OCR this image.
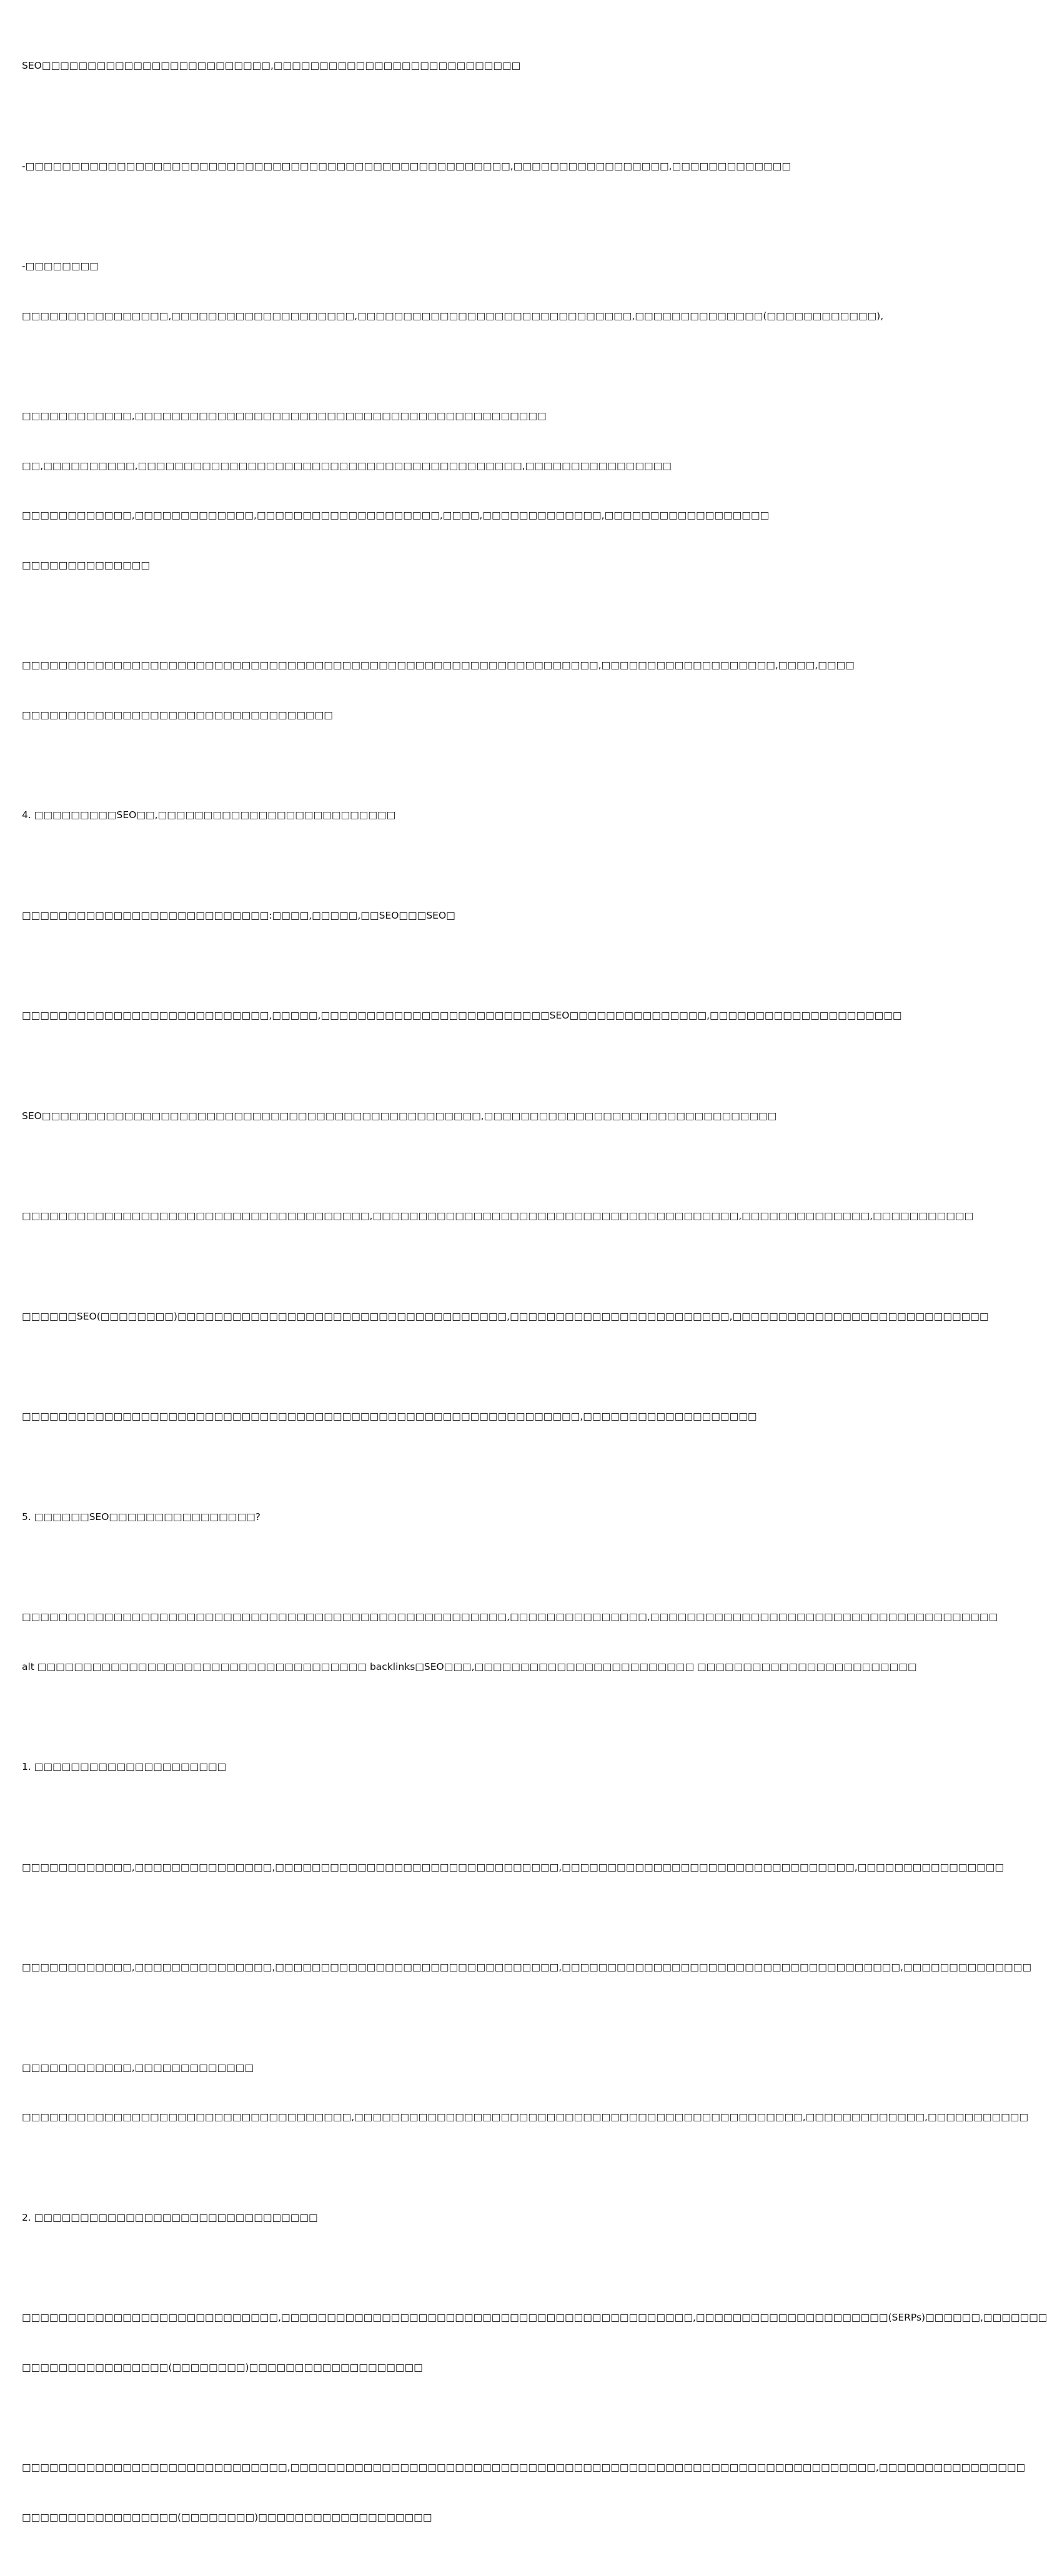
SEO□□□□□□□□□□□□□□□□□□□□□□□□□,□□□□□□□□□□□□□□□□□□□□□□□□□□□

-□□□□□□□□□□□□□□□□□□□□□□□□□□□□□□□□□□□□□□□□□□□□□□□□□□□□□,□□□□□□□□□□□□□□□□□,□□□□□□□□□□□□□

-□□□□□□□□

□□□□□□□□□□□□□□□□,□□□□□□□□□□□□□□□□□□□□,□□□□□□□□□□□□□□□□□□□□□□□□□□□□□□,□□□□□□□□□□□□□□(□□□□□□□□□□□□),

□□□□□□□□□□□□,□□□□□□□□□□□□□□□□□□□□□□□□□□□□□□□□□□□□□□□□□□□□□

□□,□□□□□□□□□□,□□□□□□□□□□□□□□□□□□□□□□□□□□□□□□□□□□□□□□□□□□,□□□□□□□□□□□□□□□□

□□□□□□□□□□□□,□□□□□□□□□□□□□,□□□□□□□□□□□□□□□□□□□□,□□□□,□□□□□□□□□□□□□,□□□□□□□□□□□□□□□□□□

□□□□□□□□□□□□□□

□□□□□□□□□□□□□□□□□□□□□□□□□□□□□□□□□□□□□□□□□□□□□□□□□□□□□□□□□□□□□□□,□□□□□□□□□□□□□□□□□□□,□□□□,□□□□

□□□□□□□□□□□□□□□□□□□□□□□□□□□□□□□□□□

4. □□□□□□□□□SEO□□,□□□□□□□□□□□□□□□□□□□□□□□□□□

□□□□□□□□□□□□□□□□□□□□□□□□□□□:□□□□,□□□□□,□□SEO□□□SEO□

□□□□□□□□□□□□□□□□□□□□□□□□□□□,□□□□□,□□□□□□□□□□□□□□□□□□□□□□□□□SEO□□□□□□□□□□□□□□□,□□□□□□□□□□□□□□□□□□□□□

SEO□□□□□□□□□□□□□□□□□□□□□□□□□□□□□□□□□□□□□□□□□□□□□□□□,□□□□□□□□□□□□□□□□□□□□□□□□□□□□□□□□

□□□□□□□□□□□□□□□□□□□□□□□□□□□□□□□□□□□□□□,□□□□□□□□□□□□□□□□□□□□□□□□□□□□□□□□□□□□□□□□,□□□□□□□□□□□□□□,□□□□□□□□□□□

□□□□□□SEO(□□□□□□□□)□□□□□□□□□□□□□□□□□□□□□□□□□□□□□□□□□□□□,□□□□□□□□□□□□□□□□□□□□□□□□,□□□□□□□□□□□□□□□□□□□□□□□□□□□□

□□□□□□□□□□□□□□□□□□□□□□□□□□□□□□□□□□□□□□□□□□□□□□□□□□□□□□□□□□□□□,□□□□□□□□□□□□□□□□□□□

5. □□□□□□SEO□□□□□□□□□□□□□□□□?

□□□□□□□□□□□□□□□□□□□□□□□□□□□□□□□□□□□□□□□□□□□□□□□□□□□□□,□□□□□□□□□□□□□□□,□□□□□□□□□□□□□□□□□□□□□□□□□□□□□□□□□□□□□□

alt □□□□□□□□□□□□□□□□□□□□□□□□□□□□□□□□□□□□ backlinks□SEO□□□,□□□□□□□□□□□□□□□□□□□□□□□□ □□□□□□□□□□□□□□□□□□□□□□□□

1. □□□□□□□□□□□□□□□□□□□□□

□□□□□□□□□□□□,□□□□□□□□□□□□□□□,□□□□□□□□□□□□□□□□□□□□□□□□□□□□□□□,□□□□□□□□□□□□□□□□□□□□□□□□□□□□□□□□,□□□□□□□□□□□□□□□□

□□□□□□□□□□□□,□□□□□□□□□□□□□□□,□□□□□□□□□□□□□□□□□□□□□□□□□□□□□□□,□□□□□□□□□□□□□□□□□□□□□□□□□□□□□□□□□□□□□,□□□□□□□□□□□□□□

□□□□□□□□□□□□,□□□□□□□□□□□□□

□□□□□□□□□□□□□□□□□□□□□□□□□□□□□□□□□□□□,□□□□□□□□□□□□□□□□□□□□□□□□□□□□□□□□□□□□□□□□□□□□□□□□□,□□□□□□□□□□□□□,□□□□□□□□□□□

2. □□□□□□□□□□□□□□□□□□□□□□□□□□□□□□□

□□□□□□□□□□□□□□□□□□□□□□□□□□□□,□□□□□□□□□□□□□□□□□□□□□□□□□□□□□□□□□□□□□□□□□□□□□,□□□□□□□□□□□□□□□□□□□□□(SERPs)□□□□□□,□□□□□□□

□□□□□□□□□□□□□□□□(□□□□□□□□)□□□□□□□□□□□□□□□□□□□

□□□□□□□□□□□□□□□□□□□□□□□□□□□□□,□□□□□□□□□□□□□□□□□□□□□□□□□□□□□□□□□□□□□□□□□□□□□□□□□□□□□□□□□□□□□□□□,□□□□□□□□□□□□□□□□

□□□□□□□□□□□□□□□□□(□□□□□□□□)□□□□□□□□□□□□□□□□□□□
